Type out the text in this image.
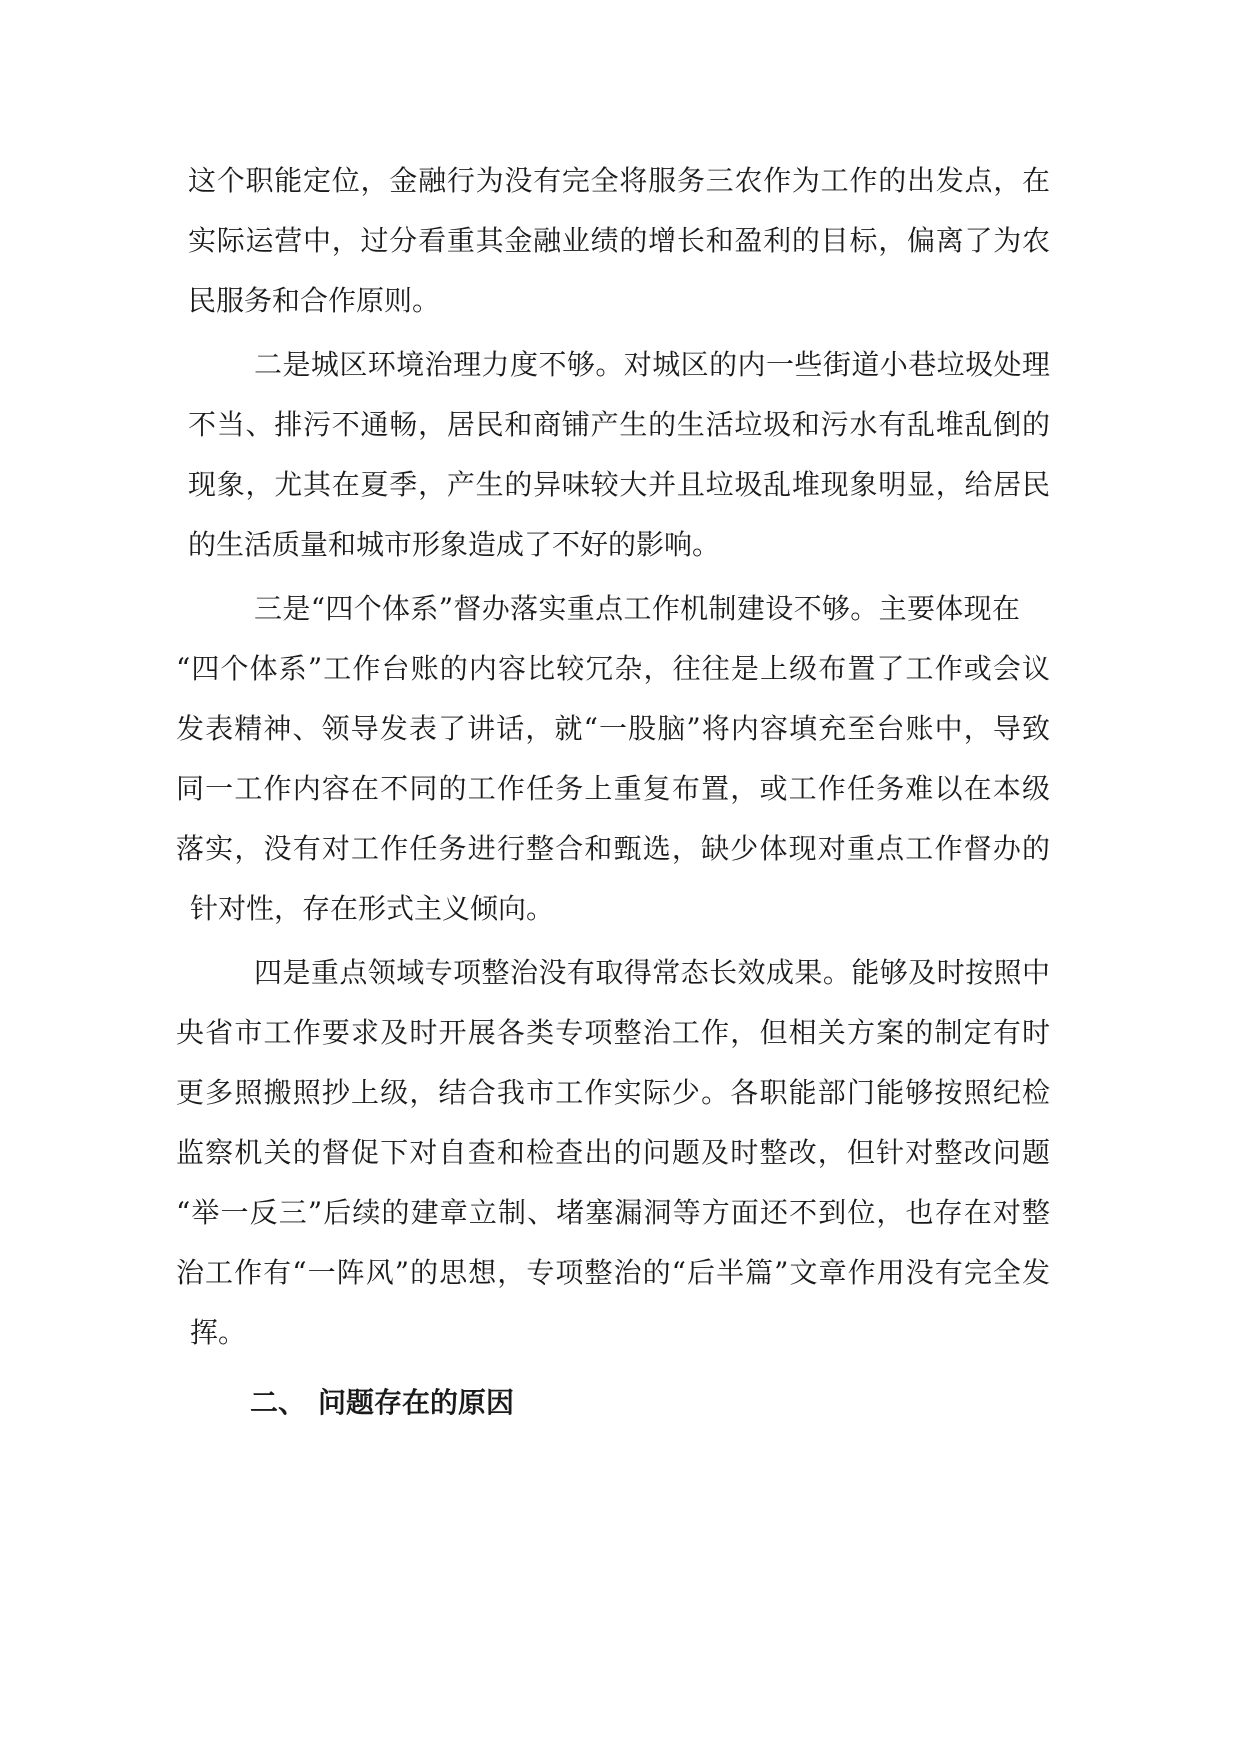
这个职能定位，金融行为没有完全将服务三农作为工作的出发点，在
实际运营中，过分看重其金融业绩的增长和盈利的目标，偏离了为农
民服务和合作原则。
二是城区环境治理力度不够。对城区的内一些街道小巷垃圾处理
不当、排污不通畅，居民和商铺产生的生活垃圾和污水有乱堆乱倒的
现象，尤其在夏季，产生的异味较大并且垃圾乱堆现象明显，给居民
的生活质量和城市形象造成了不好的影响。
三是“四个体系”督办落实重点工作机制建设不够。主要体现在
“四个体系”工作台账的内容比较冗杂，往往是上级布置了工作或会议
发表精神、领导发表了讲话，就“一股脑”将内容填充至台账中，导致
同一工作内容在不同的工作任务上重复布置，或工作任务难以在本级
落实，没有对工作任务进行整合和甄选，缺少体现对重点工作督办的
针对性，存在形式主义倾向。
四是重点领域专项整治没有取得常态长效成果。能够及时按照中
央省市工作要求及时开展各类专项整治工作，但相关方案的制定有时
更多照搬照抄上级，结合我市工作实际少。各职能部门能够按照纪检
监察机关的督促下对自查和检查出的问题及时整改，但针对整改问题
“举一反三”后续的建章立制、堵塞漏洞等方面还不到位，也存在对整
治工作有“一阵风”的思想，专项整治的“后半篇”文章作用没有完全发
挥。
二、 问题存在的原因
